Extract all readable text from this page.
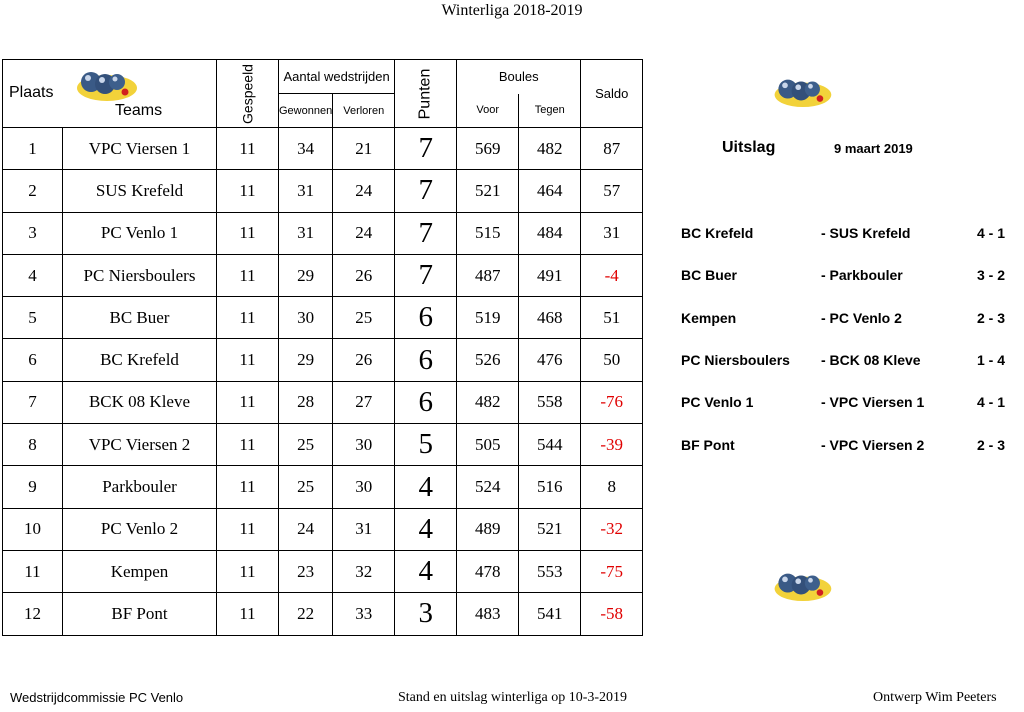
Winterliga 2018-2019
Plaats
Teams		Gespeeld	Aantal wedstrijden		Punten	Boules		Saldo
			Gewonnen	Verloren		Voor	Tegen	
1	VPC Viersen 1	11	34	21	7	569	482	87
2	SUS Krefeld	11	31	24	7	521	464	57
3	PC Venlo 1	11	31	24	7	515	484	31
4	PC Niersboulers	11	29	26	7	487	491	-4
5	BC Buer	11	30	25	6	519	468	51
6	BC Krefeld	11	29	26	6	526	476	50
7	BCK 08 Kleve	11	28	27	6	482	558	-76
8	VPC Viersen 2	11	25	30	5	505	544	-39
9	Parkbouler	11	25	30	4	524	516	8
10	PC Venlo 2	11	24	31	4	489	521	-32
11	Kempen	11	23	32	4	478	553	-75
12	BF Pont	11	22	33	3	483	541	-58
Uitslag	9 maart 2019
BC Krefeld	- SUS Krefeld	4 - 1
BC Buer	- Parkbouler	3 - 2
Kempen	- PC Venlo 2	2 - 3
PC Niersboulers - BCK 08 Kleve	1 - 4
PC Venlo 1	- VPC Viersen 1	4 - 1
BF Pont	- VPC Viersen 2	2 - 3
Wedstrijdcommissie PC Venlo	Stand en uitslag winterliga op 10-3-2019	Ontwerp Wim Peeters
